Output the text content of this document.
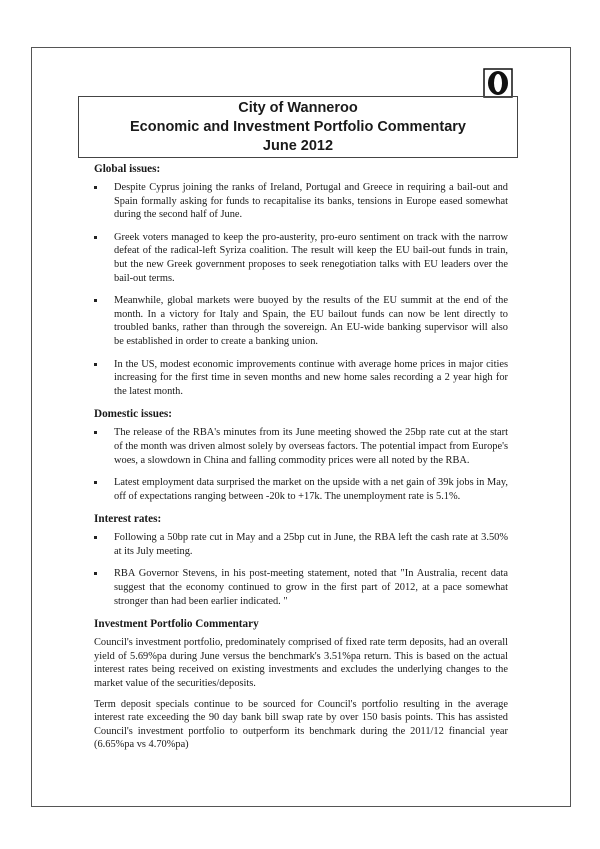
City of Wanneroo
Economic and Investment Portfolio Commentary
June 2012
Global issues:
Despite Cyprus joining the ranks of Ireland, Portugal and Greece in requiring a bail-out and Spain formally asking for funds to recapitalise its banks, tensions in Europe eased somewhat during the second half of June.
Greek voters managed to keep the pro-austerity, pro-euro sentiment on track with the narrow defeat of the radical-left Syriza coalition. The result will keep the EU bail-out funds in train, but the new Greek government proposes to seek renegotiation talks with EU leaders over the bail-out terms.
Meanwhile, global markets were buoyed by the results of the EU summit at the end of the month. In a victory for Italy and Spain, the EU bailout funds can now be lent directly to troubled banks, rather than through the sovereign. An EU-wide banking supervisor will also be established in order to create a banking union.
In the US, modest economic improvements continue with average home prices in major cities increasing for the first time in seven months and new home sales recording a 2 year high for the latest month.
Domestic issues:
The release of the RBA's minutes from its June meeting showed the 25bp rate cut at the start of the month was driven almost solely by overseas factors. The potential impact from Europe's woes, a slowdown in China and falling commodity prices were all noted by the RBA.
Latest employment data surprised the market on the upside with a net gain of 39k jobs in May, off of expectations ranging between -20k to +17k. The unemployment rate is 5.1%.
Interest rates:
Following a 50bp rate cut in May and a 25bp cut in June, the RBA left the cash rate at 3.50% at its July meeting.
RBA Governor Stevens, in his post-meeting statement, noted that "In Australia, recent data suggest that the economy continued to grow in the first part of 2012, at a pace somewhat stronger than had been earlier indicated. "
Investment Portfolio Commentary

Council's investment portfolio, predominately comprised of fixed rate term deposits, had an overall yield of 5.69%pa during June versus the benchmark's 3.51%pa return. This is based on the actual interest rates being received on existing investments and excludes the underlying changes to the market value of the securities/deposits.

Term deposit specials continue to be sourced for Council's portfolio resulting in the average interest rate exceeding the 90 day bank bill swap rate by over 150 basis points. This has assisted Council's investment portfolio to outperform its benchmark during the 2011/12 financial year (6.65%pa vs 4.70%pa)
